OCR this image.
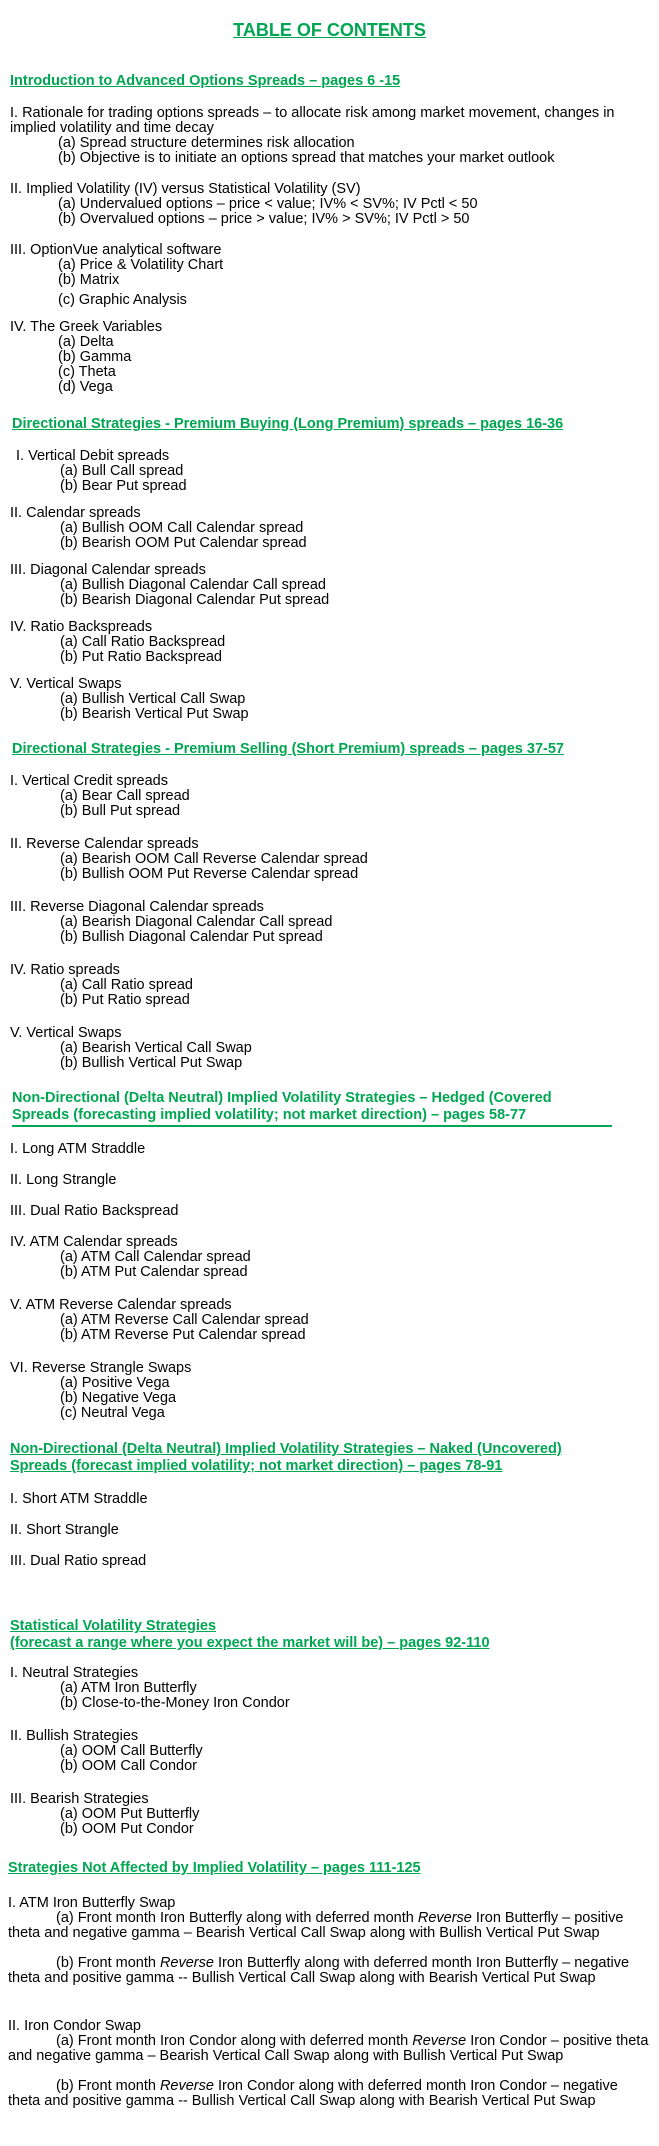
TABLE OF CONTENTS
Introduction to Advanced Options Spreads – pages 6 -15
I. Rationale for trading options spreads – to allocate risk among market movement, changes in implied volatility and time decay
(a) Spread structure determines risk allocation
(b) Objective is to initiate an options spread that matches your market outlook
II. Implied Volatility (IV) versus Statistical Volatility (SV)
(a) Undervalued options – price < value; IV% < SV%; IV Pctl < 50
(b) Overvalued options – price > value; IV% > SV%; IV Pctl > 50
III. OptionVue analytical software
(a) Price & Volatility Chart
(b) Matrix
(c) Graphic Analysis
IV. The Greek Variables
(a) Delta
(b) Gamma
(c) Theta
(d) Vega
Directional Strategies - Premium Buying (Long Premium) spreads – pages 16-36
I. Vertical Debit spreads
(a) Bull Call spread
(b) Bear Put spread
II. Calendar spreads
(a) Bullish OOM Call Calendar spread
(b) Bearish OOM Put Calendar spread
III. Diagonal Calendar spreads
(a) Bullish Diagonal Calendar Call spread
(b) Bearish Diagonal Calendar Put spread
IV. Ratio Backspreads
(a) Call Ratio Backspread
(b) Put Ratio Backspread
V. Vertical Swaps
(a) Bullish Vertical Call Swap
(b) Bearish Vertical Put Swap
Directional Strategies - Premium Selling (Short Premium) spreads – pages 37-57
I. Vertical Credit spreads
(a) Bear Call spread
(b) Bull Put spread
II. Reverse Calendar spreads
(a) Bearish OOM Call Reverse Calendar spread
(b) Bullish OOM Put Reverse Calendar spread
III. Reverse Diagonal Calendar spreads
(a) Bearish Diagonal Calendar Call spread
(b) Bullish Diagonal Calendar Put spread
IV. Ratio spreads
(a) Call Ratio spread
(b) Put Ratio spread
V. Vertical Swaps
(a) Bearish Vertical Call Swap
(b) Bullish Vertical Put Swap
Non-Directional (Delta Neutral) Implied Volatility Strategies – Hedged (Covered
Spreads (forecasting implied volatility; not market direction) – pages 58-77
I. Long ATM Straddle
II. Long Strangle
III. Dual Ratio Backspread
IV. ATM Calendar spreads
(a) ATM Call Calendar spread
(b) ATM Put Calendar spread
V. ATM Reverse Calendar spreads
(a) ATM Reverse Call Calendar spread
(b) ATM Reverse Put Calendar spread
VI. Reverse Strangle Swaps
(a) Positive Vega
(b) Negative Vega
(c) Neutral Vega
Non-Directional (Delta Neutral) Implied Volatility Strategies – Naked (Uncovered)
Spreads (forecast implied volatility; not market direction) – pages 78-91
I. Short ATM Straddle
II. Short Strangle
III. Dual Ratio spread
Statistical Volatility Strategies
(forecast a range where you expect the market will be) – pages 92-110
I. Neutral Strategies
(a) ATM Iron Butterfly
(b) Close-to-the-Money Iron Condor
II. Bullish Strategies
(a) OOM Call Butterfly
(b) OOM Call Condor
III. Bearish Strategies
(a) OOM Put Butterfly
(b) OOM Put Condor
Strategies Not Affected by Implied Volatility – pages 111-125
I. ATM Iron Butterfly Swap
(a) Front month Iron Butterfly along with deferred month Reverse Iron Butterfly – positive theta and negative gamma – Bearish Vertical Call Swap along with Bullish Vertical Put Swap
(b) Front month Reverse Iron Butterfly along with deferred month Iron Butterfly – negative theta and positive gamma -- Bullish Vertical Call Swap along with Bearish Vertical Put Swap
II. Iron Condor Swap
(a) Front month Iron Condor along with deferred month Reverse Iron Condor – positive theta and negative gamma – Bearish Vertical Call Swap along with Bullish Vertical Put Swap
(b) Front month Reverse Iron Condor along with deferred month Iron Condor – negative theta and positive gamma -- Bullish Vertical Call Swap along with Bearish Vertical Put Swap
